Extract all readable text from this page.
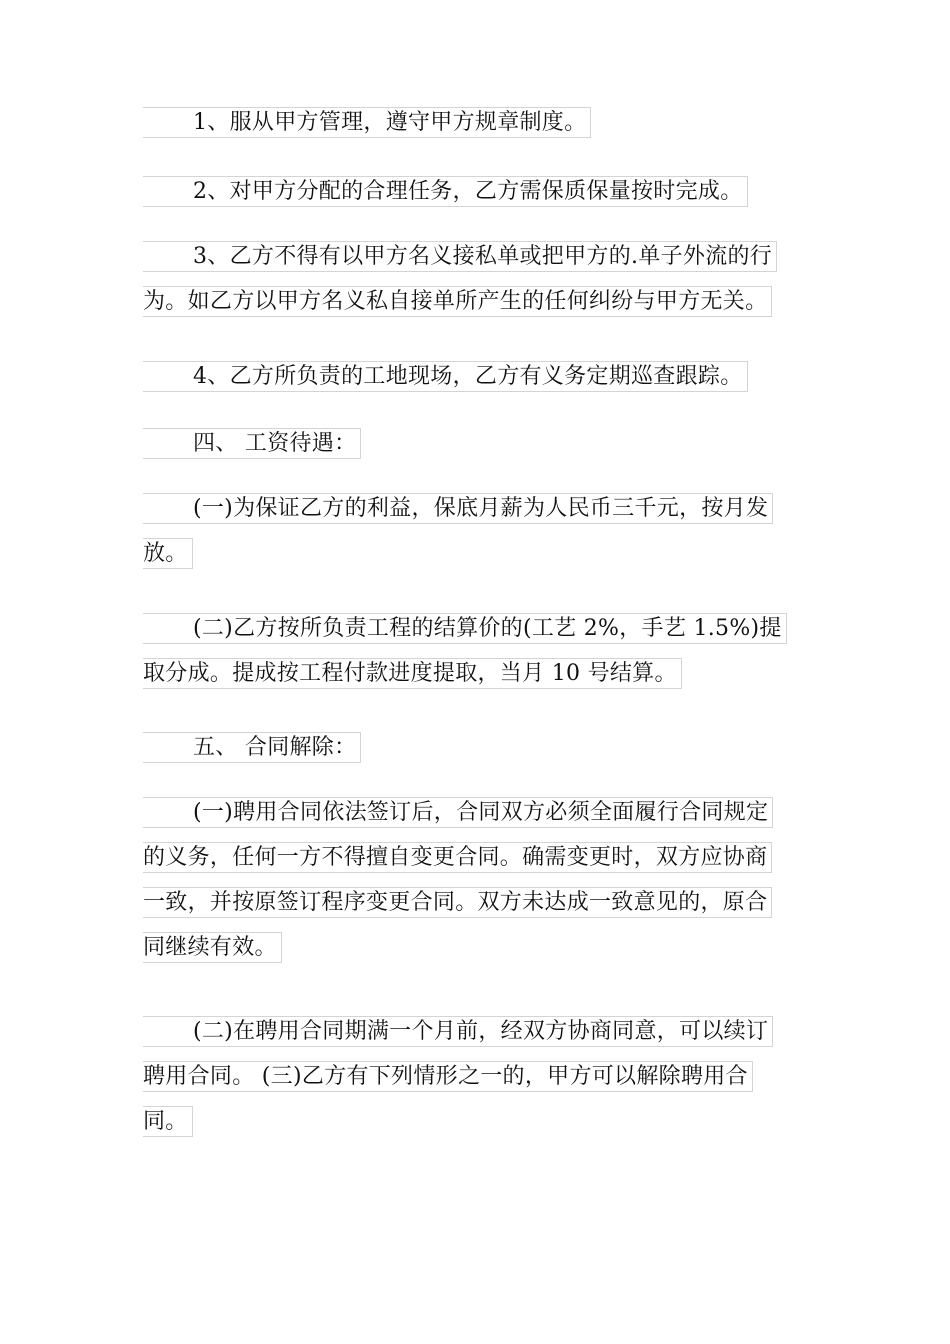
1、服从甲方管理，遵守甲方规章制度。
2、对甲方分配的合理任务，乙方需保质保量按时完成。
3、乙方不得有以甲方名义接私单或把甲方的.单子外流的行
为。如乙方以甲方名义私自接单所产生的任何纠纷与甲方无关。
4、乙方所负责的工地现场，乙方有义务定期巡查跟踪。
四、 工资待遇：
(一)为保证乙方的利益，保底月薪为人民币三千元，按月发
放。
(二)乙方按所负责工程的结算价的(工艺 2%，手艺 1.5%)提
取分成。提成按工程付款进度提取，当月 10 号结算。
五、 合同解除：
(一)聘用合同依法签订后，合同双方必须全面履行合同规定
的义务，任何一方不得擅自变更合同。确需变更时，双方应协商
一致，并按原签订程序变更合同。双方未达成一致意见的，原合
同继续有效。
(二)在聘用合同期满一个月前，经双方协商同意，可以续订
聘用合同。 (三)乙方有下列情形之一的，甲方可以解除聘用合
同。
